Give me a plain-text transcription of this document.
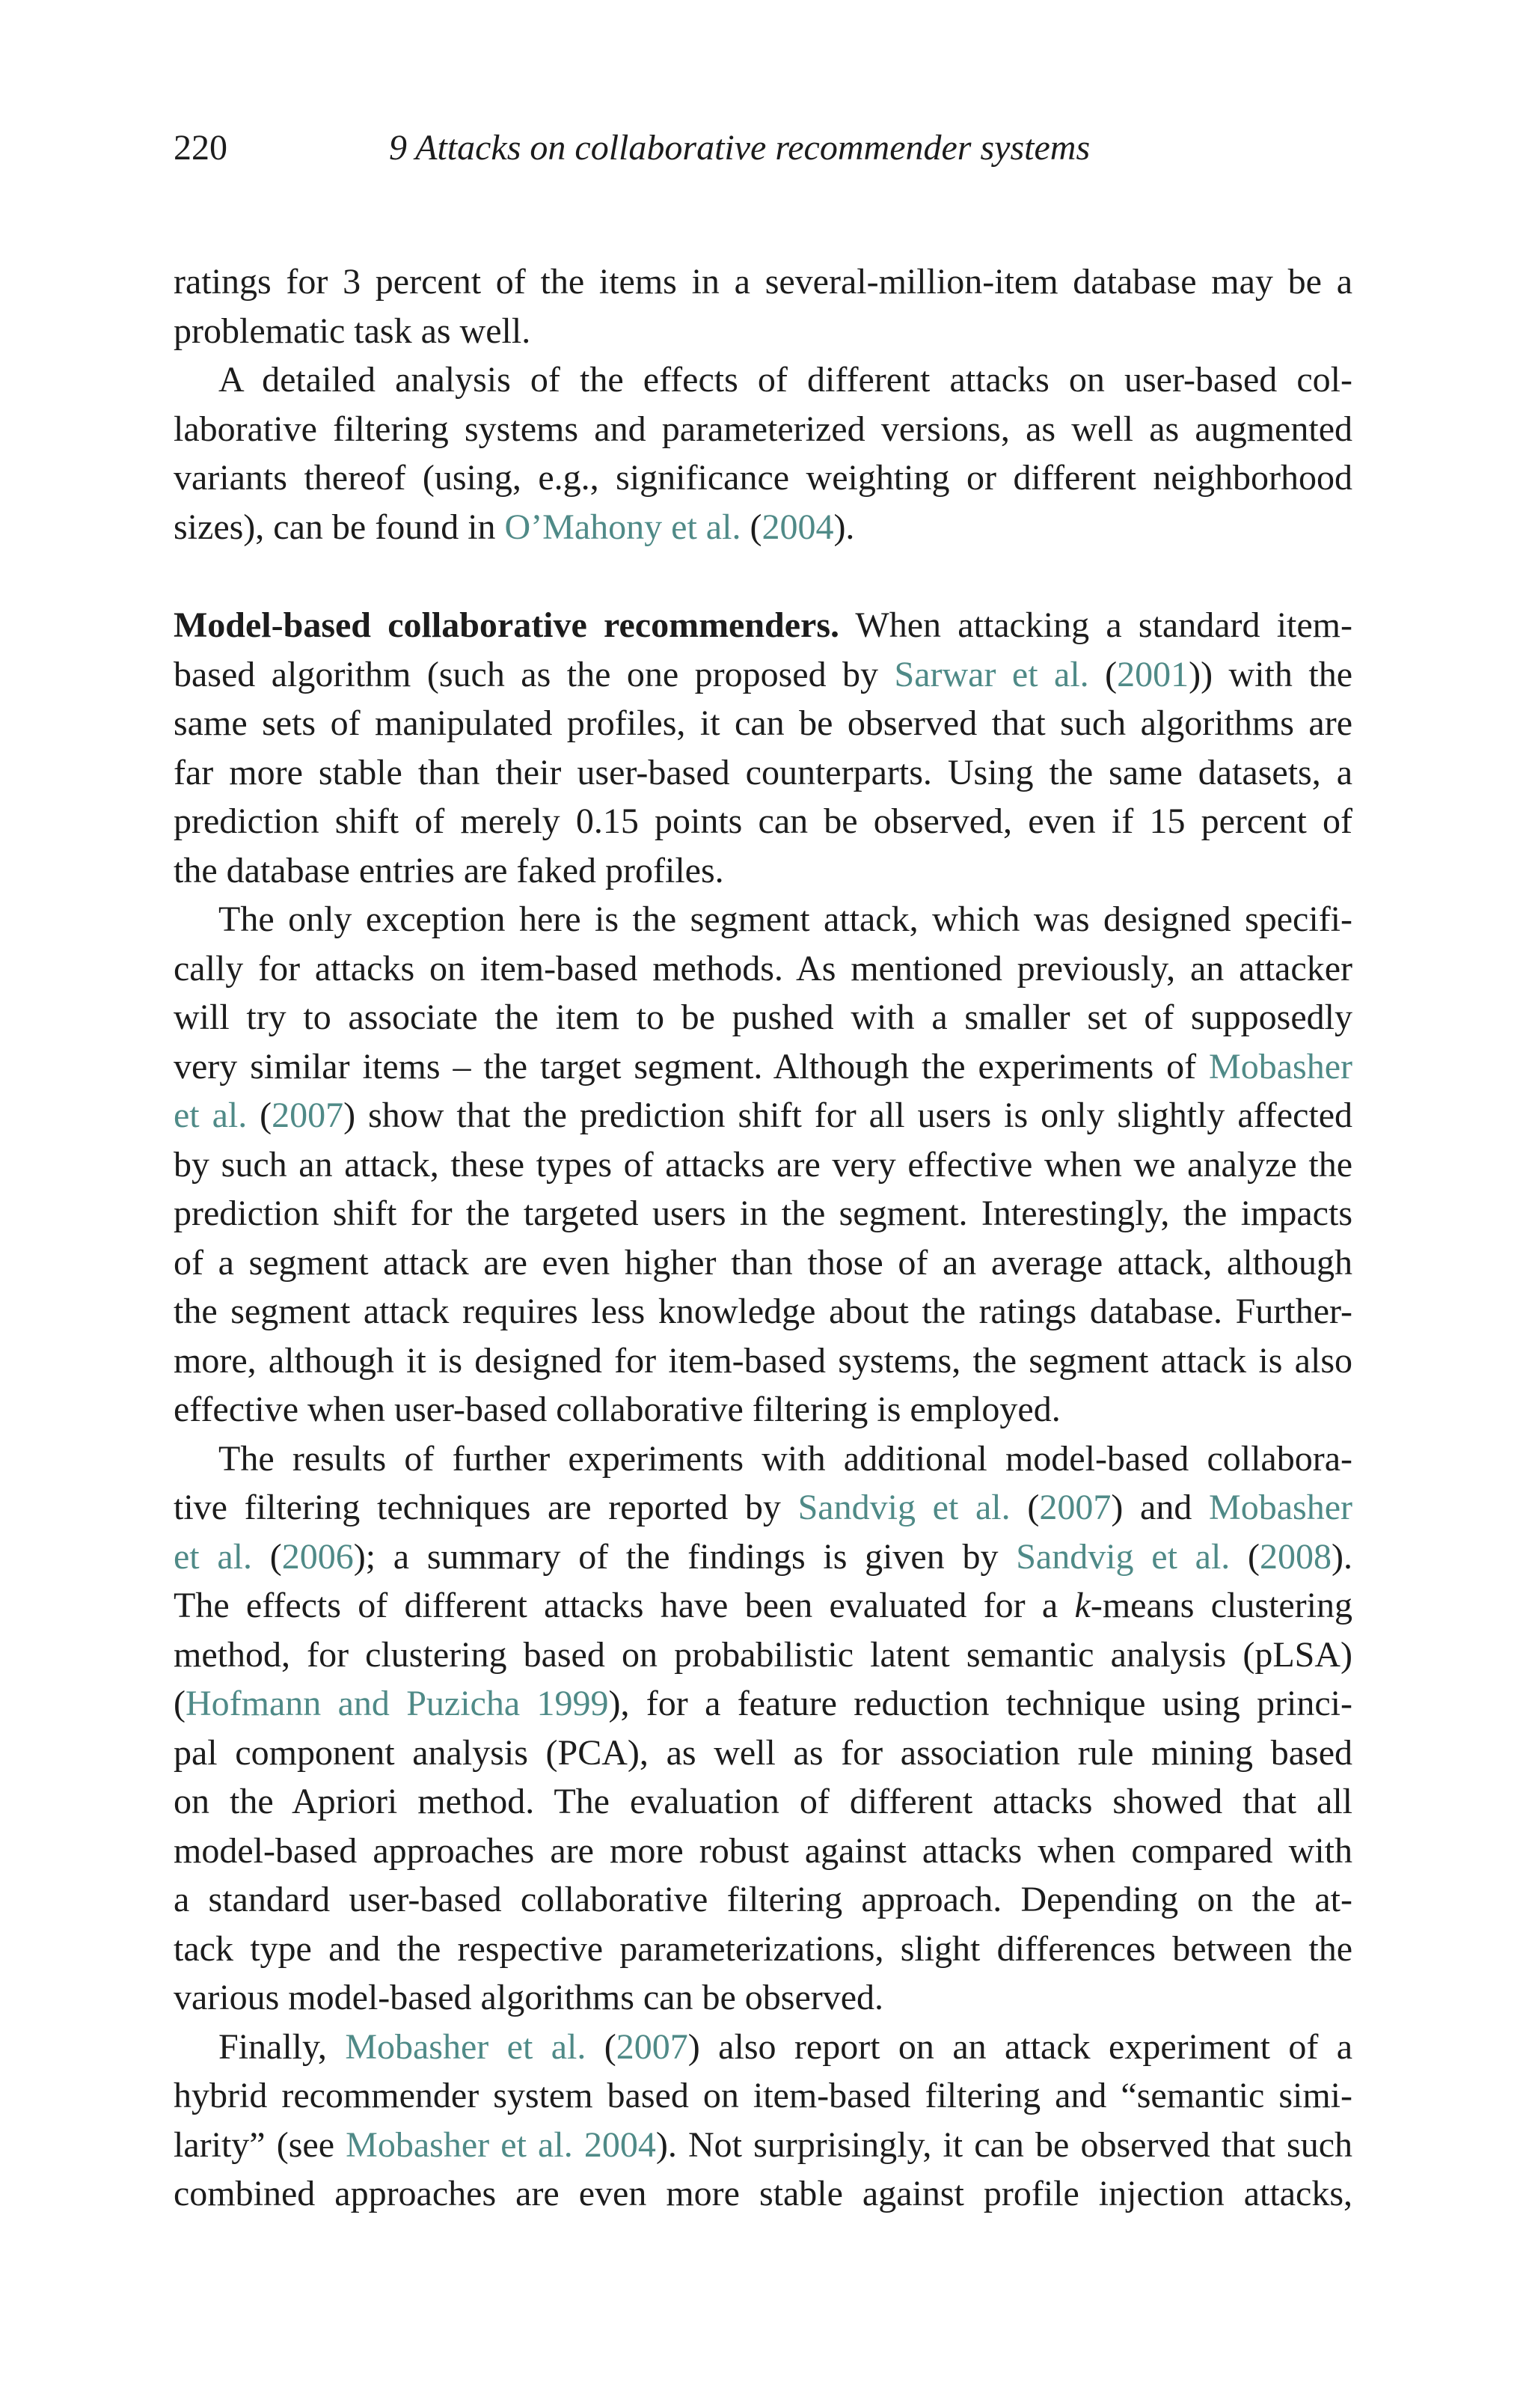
220	9 Attacks on collaborative recommender systems
ratings for 3 percent of the items in a several-million-item database may be a
problematic task as well.
A detailed analysis of the effects of different attacks on user-based col-
laborative filtering systems and parameterized versions, as well as augmented
variants thereof (using, e.g., significance weighting or different neighborhood
sizes), can be found in O’Mahony et al. (2004).
Model-based collaborative recommenders. When attacking a standard item-
based algorithm (such as the one proposed by Sarwar et al. (2001)) with the
same sets of manipulated profiles, it can be observed that such algorithms are
far more stable than their user-based counterparts. Using the same datasets, a
prediction shift of merely 0.15 points can be observed, even if 15 percent of
the database entries are faked profiles.
The only exception here is the segment attack, which was designed specifi-
cally for attacks on item-based methods. As mentioned previously, an attacker
will try to associate the item to be pushed with a smaller set of supposedly
very similar items – the target segment. Although the experiments of Mobasher
et al. (2007) show that the prediction shift for all users is only slightly affected
by such an attack, these types of attacks are very effective when we analyze the
prediction shift for the targeted users in the segment. Interestingly, the impacts
of a segment attack are even higher than those of an average attack, although
the segment attack requires less knowledge about the ratings database. Further-
more, although it is designed for item-based systems, the segment attack is also
effective when user-based collaborative filtering is employed.
The results of further experiments with additional model-based collabora-
tive filtering techniques are reported by Sandvig et al. (2007) and Mobasher
et al. (2006); a summary of the findings is given by Sandvig et al. (2008).
The effects of different attacks have been evaluated for a k-means clustering
method, for clustering based on probabilistic latent semantic analysis (pLSA)
(Hofmann and Puzicha 1999), for a feature reduction technique using princi-
pal component analysis (PCA), as well as for association rule mining based
on the Apriori method. The evaluation of different attacks showed that all
model-based approaches are more robust against attacks when compared with
a standard user-based collaborative filtering approach. Depending on the at-
tack type and the respective parameterizations, slight differences between the
various model-based algorithms can be observed.
Finally, Mobasher et al. (2007) also report on an attack experiment of a
hybrid recommender system based on item-based filtering and “semantic simi-
larity” (see Mobasher et al. 2004). Not surprisingly, it can be observed that such
combined approaches are even more stable against profile injection attacks,
